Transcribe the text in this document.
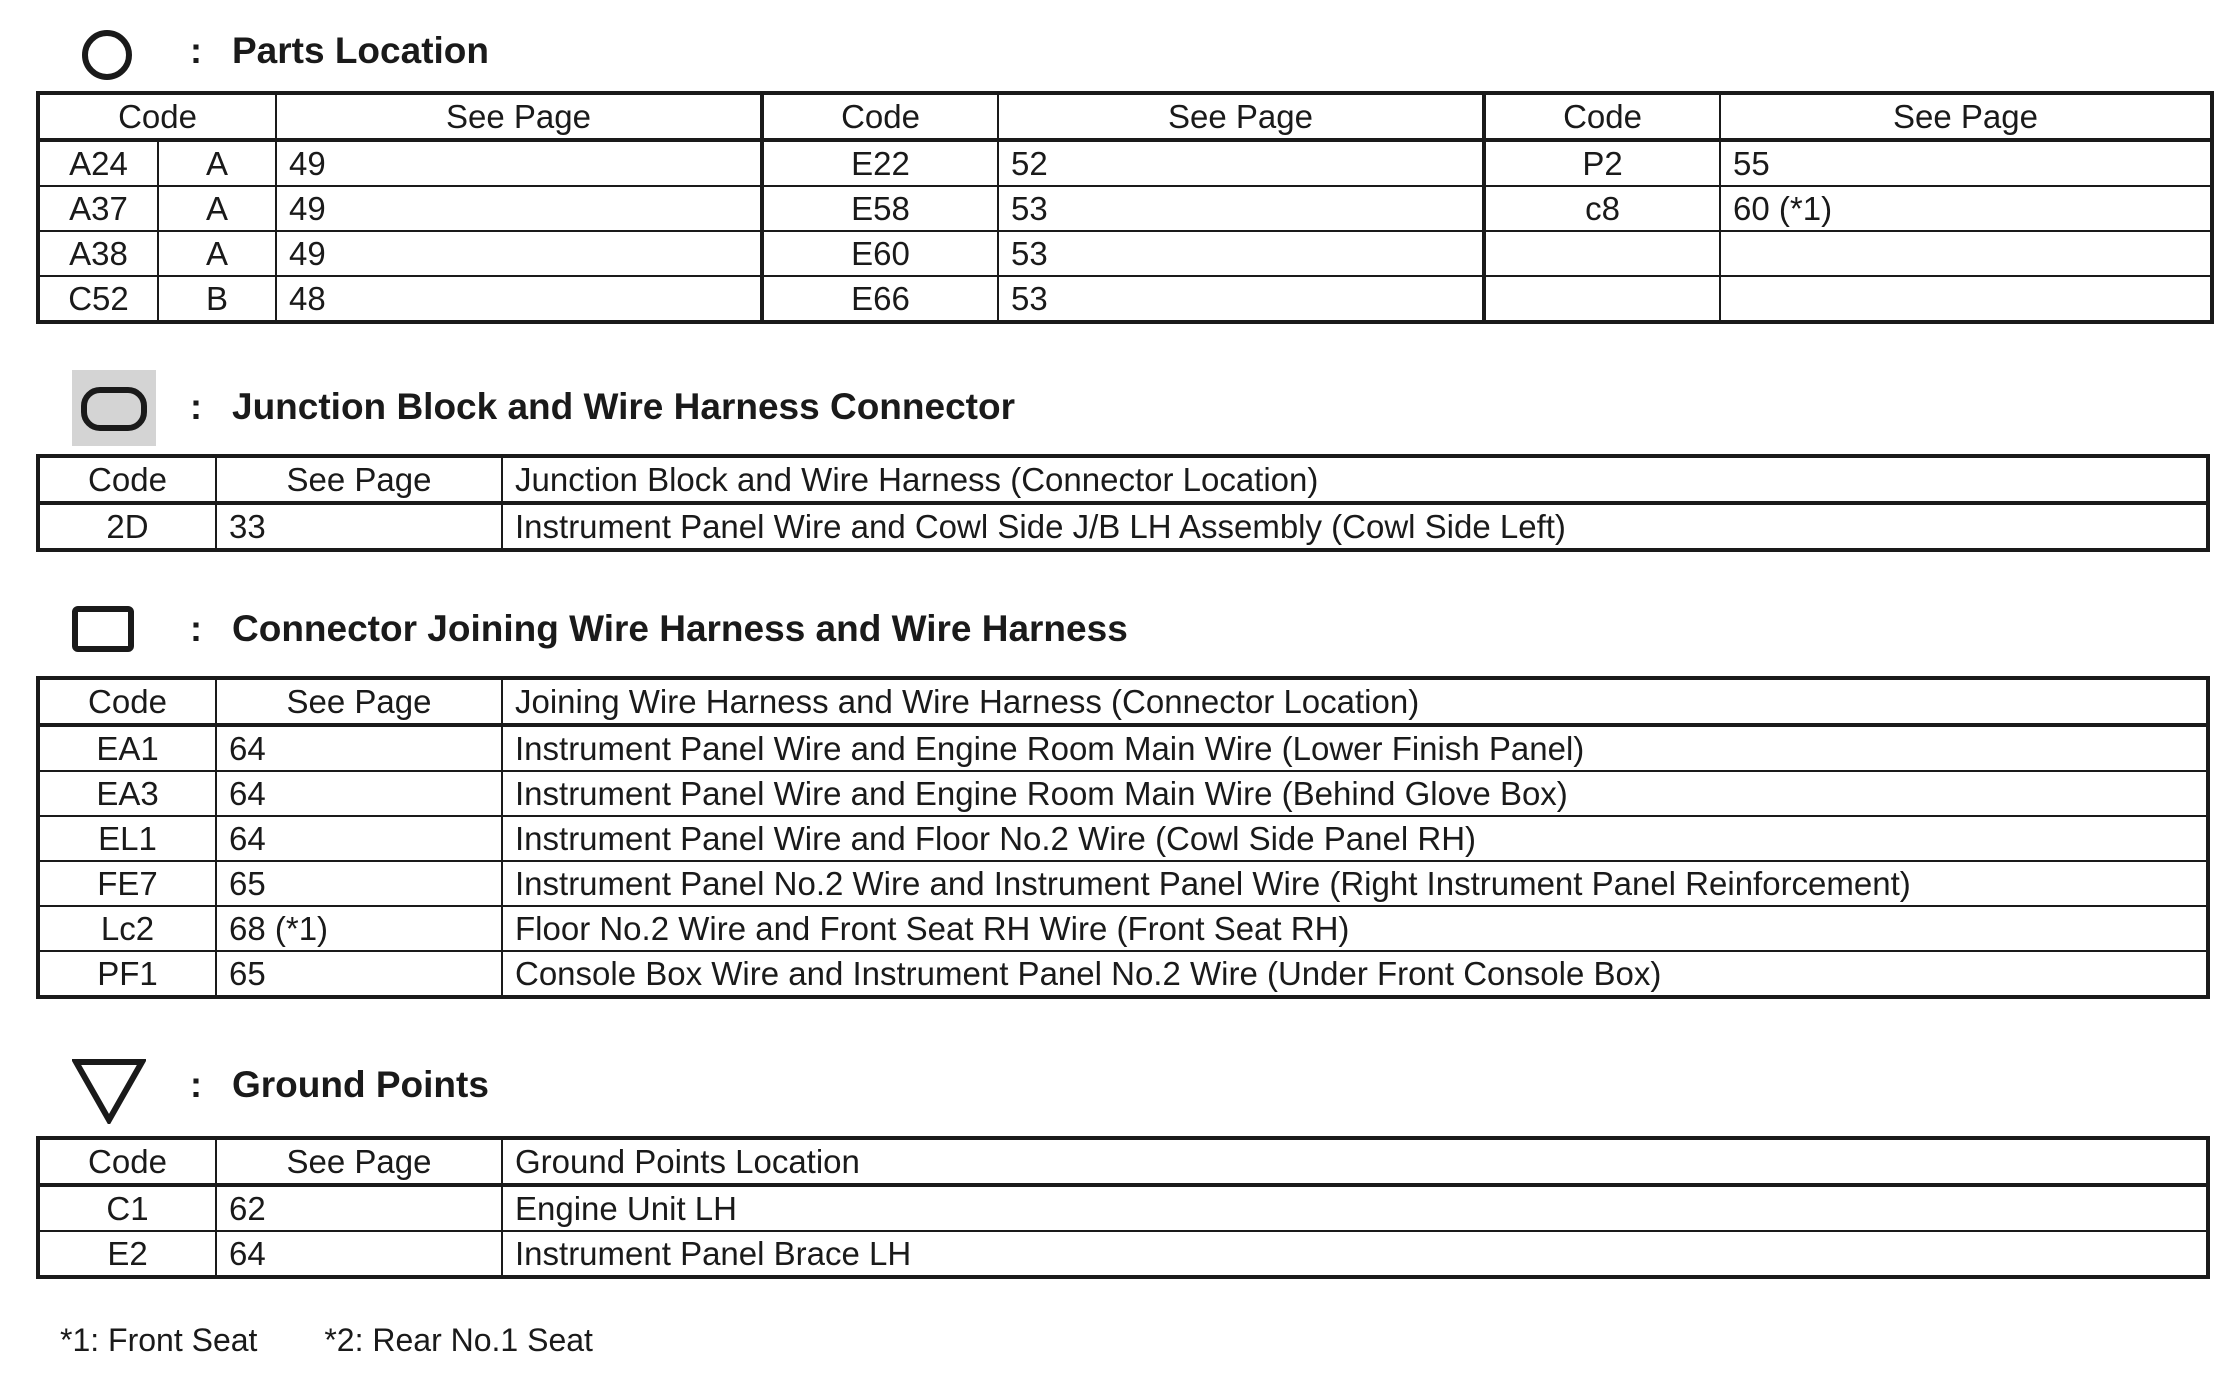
: Parts Location
Code		See Page	Code	See Page	Code	See Page
A24	A	49	E22	52	P2	55
A37	A	49	E58	53	c8	60 (*1)
A38	A	49	E60	53		
C52	B	48	E66	53		
: Junction Block and Wire Harness Connector
Code	See Page	Junction Block and Wire Harness (Connector Location)
2D	33	Instrument Panel Wire and Cowl Side J/B LH Assembly (Cowl Side Left)
: Connector Joining Wire Harness and Wire Harness
Code	See Page	Joining Wire Harness and Wire Harness (Connector Location)
EA1	64	Instrument Panel Wire and Engine Room Main Wire (Lower Finish Panel)
EA3	64	Instrument Panel Wire and Engine Room Main Wire (Behind Glove Box)
EL1	64	Instrument Panel Wire and Floor No.2 Wire (Cowl Side Panel RH)
FE7	65	Instrument Panel No.2 Wire and Instrument Panel Wire (Right Instrument Panel Reinforcement)
Lc2	68 (*1)	Floor No.2 Wire and Front Seat RH Wire (Front Seat RH)
PF1	65	Console Box Wire and Instrument Panel No.2 Wire (Under Front Console Box)
: Ground Points
Code	See Page	Ground Points Location
C1	62	Engine Unit LH
E2	64	Instrument Panel Brace LH
*1: Front Seat *2: Rear No.1 Seat
